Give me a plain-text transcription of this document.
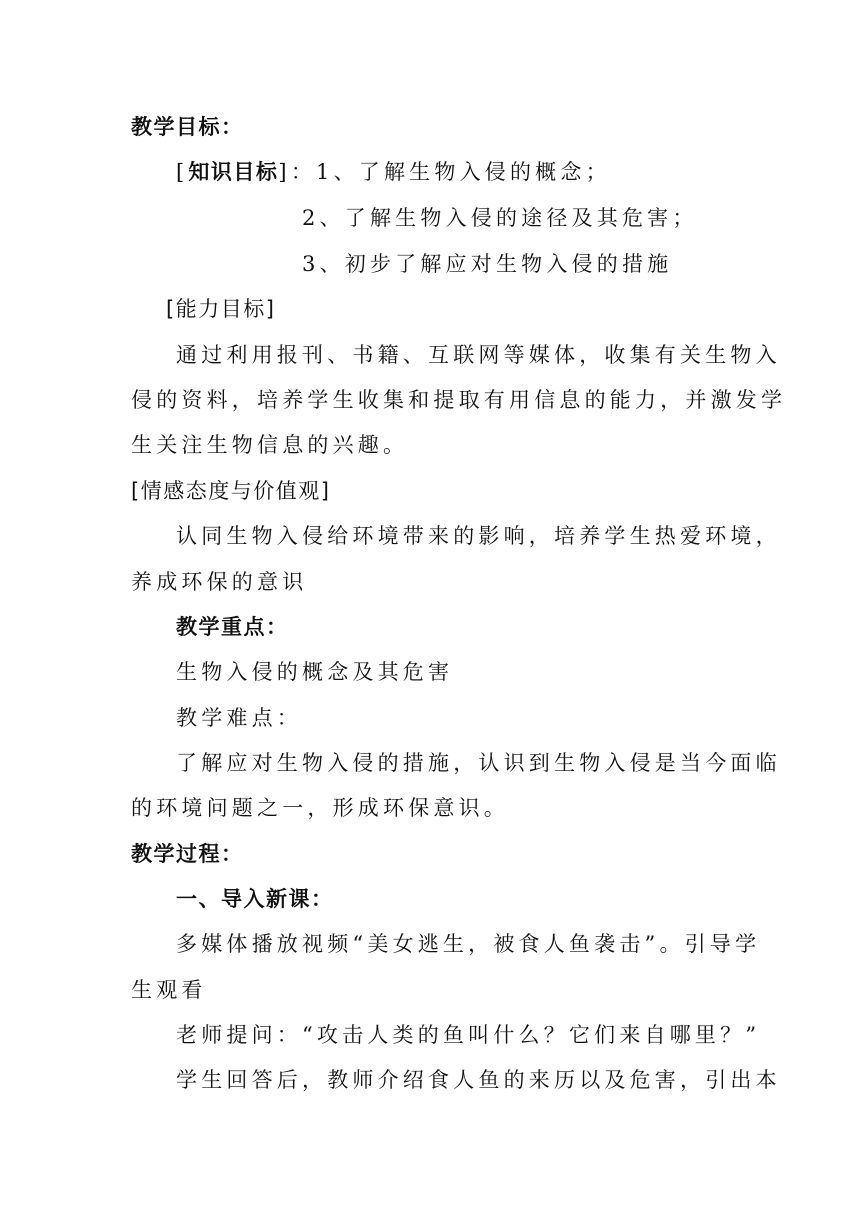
教学目标：
[知识目标]：1、了解生物入侵的概念；
2、了解生物入侵的途径及其危害；
3、初步了解应对生物入侵的措施
[能力目标]
通过利用报刊、书籍、互联网等媒体，收集有关生物入
侵的资料，培养学生收集和提取有用信息的能力，并激发学
生关注生物信息的兴趣。
[情感态度与价值观]
认同生物入侵给环境带来的影响，培养学生热爱环境，
养成环保的意识
教学重点：
生物入侵的概念及其危害
教学难点：
了解应对生物入侵的措施，认识到生物入侵是当今面临
的环境问题之一，形成环保意识。
教学过程：
一、导入新课：
多媒体播放视频“美女逃生，被食人鱼袭击”。引导学
生观看
老师提问：“攻击人类的鱼叫什么？它们来自哪里？”
学生回答后，教师介绍食人鱼的来历以及危害，引出本
